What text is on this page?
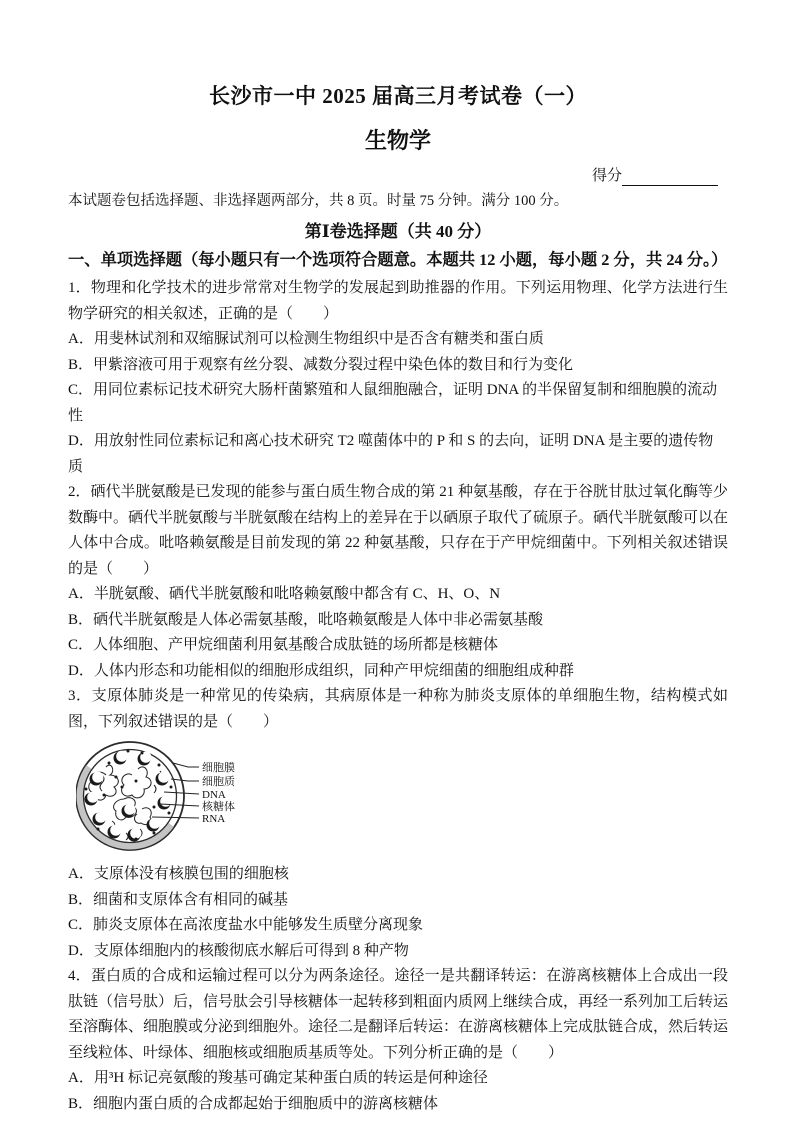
长沙市一中 2025 届高三月考试卷（一）
生物学
得分

本试题卷包括选择题、非选择题两部分，共 8 页。时量 75 分钟。满分 100 分。

第Ⅰ卷选择题（共 40 分）
一、单项选择题（每小题只有一个选项符合题意。本题共 12 小题，每小题 2 分，共 24 分。）

1．物理和化学技术的进步常常对生物学的发展起到助推器的作用。下列运用物理、化学方法进行生物学研究的相关叙述，正确的是（　　）

A．用斐林试剂和双缩脲试剂可以检测生物组织中是否含有糖类和蛋白质

B．甲紫溶液可用于观察有丝分裂、减数分裂过程中染色体的数目和行为变化

C．用同位素标记技术研究大肠杆菌繁殖和人鼠细胞融合，证明 DNA 的半保留复制和细胞膜的流动性

D．用放射性同位素标记和离心技术研究 T2 噬菌体中的 P 和 S 的去向，证明 DNA 是主要的遗传物质

2．硒代半胱氨酸是已发现的能参与蛋白质生物合成的第 21 种氨基酸，存在于谷胱甘肽过氧化酶等少数酶中。硒代半胱氨酸与半胱氨酸在结构上的差异在于以硒原子取代了硫原子。硒代半胱氨酸可以在人体中合成。吡咯赖氨酸是目前发现的第 22 种氨基酸，只存在于产甲烷细菌中。下列相关叙述错误的是（　　）

A．半胱氨酸、硒代半胱氨酸和吡咯赖氨酸中都含有 C、H、O、N

B．硒代半胱氨酸是人体必需氨基酸，吡咯赖氨酸是人体中非必需氨基酸

C．人体细胞、产甲烷细菌利用氨基酸合成肽链的场所都是核糖体

D．人体内形态和功能相似的细胞形成组织，同种产甲烷细菌的细胞组成种群

3．支原体肺炎是一种常见的传染病，其病原体是一种称为肺炎支原体的单细胞生物，结构模式如图，下列叙述错误的是（　　）

细胞膜
细胞质
DNA
核糖体
RNA

A．支原体没有核膜包围的细胞核

B．细菌和支原体含有相同的碱基

C．肺炎支原体在高浓度盐水中能够发生质壁分离现象

D．支原体细胞内的核酸彻底水解后可得到 8 种产物

4．蛋白质的合成和运输过程可以分为两条途径。途径一是共翻译转运：在游离核糖体上合成出一段肽链（信号肽）后，信号肽会引导核糖体一起转移到粗面内质网上继续合成，再经一系列加工后转运至溶酶体、细胞膜或分泌到细胞外。途径二是翻译后转运：在游离核糖体上完成肽链合成，然后转运至线粒体、叶绿体、细胞核或细胞质基质等处。下列分析正确的是（　　）

A．用³H 标记亮氨酸的羧基可确定某种蛋白质的转运是何种途径

B．细胞内蛋白质的合成都起始于细胞质中的游离核糖体
